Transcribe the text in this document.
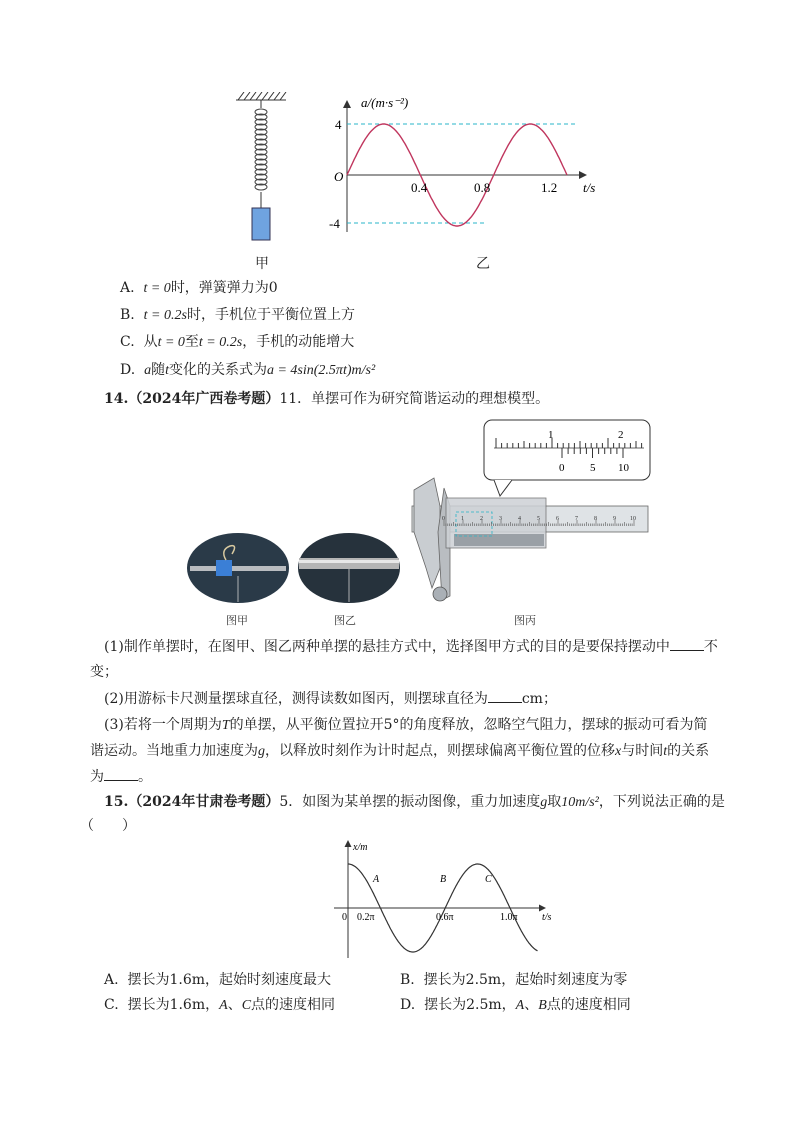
甲
a/(m·s⁻²)
4
-4
O
0.4	0.8	1.2 t/s
乙
A. t = 0时，弹簧弹力为0
B. t = 0.2s时，手机位于平衡位置上方
C. 从t = 0至t = 0.2s，手机的动能增大
D. a随t变化的关系式为a = 4sin(2.5πt)m/s²
14.（2024年广西卷考题）11．单摆可作为研究简谐运动的理想模型。
1	2
0 5 10
0	1	2	3	4	5	6	7	8	9 10
图甲	图乙	图丙
(1)制作单摆时，在图甲、图乙两种单摆的悬挂方式中，选择图甲方式的目的是要保持摆动中 不
变；
(2)用游标卡尺测量摆球直径，测得读数如图丙，则摆球直径为 cm；
(3)若将一个周期为T的单摆，从平衡位置拉开5°的角度释放，忽略空气阻力，摆球的振动可看为简
谐运动。当地重力加速度为g，以释放时刻作为计时起点，则摆球偏离平衡位置的位移x与时间t的关系
为 。
15.（2024年甘肃卷考题）5．如图为某单摆的振动图像，重力加速度g取10m/s²，下列说法正确的是
（　　）
x/m
0 0.2π	0.6π	1.0π t/s
A	B	C
A. 摆长为1.6m，起始时刻速度最大	B. 摆长为2.5m，起始时刻速度为零
C. 摆长为1.6m，A、C点的速度相同	D. 摆长为2.5m，A、B点的速度相同
